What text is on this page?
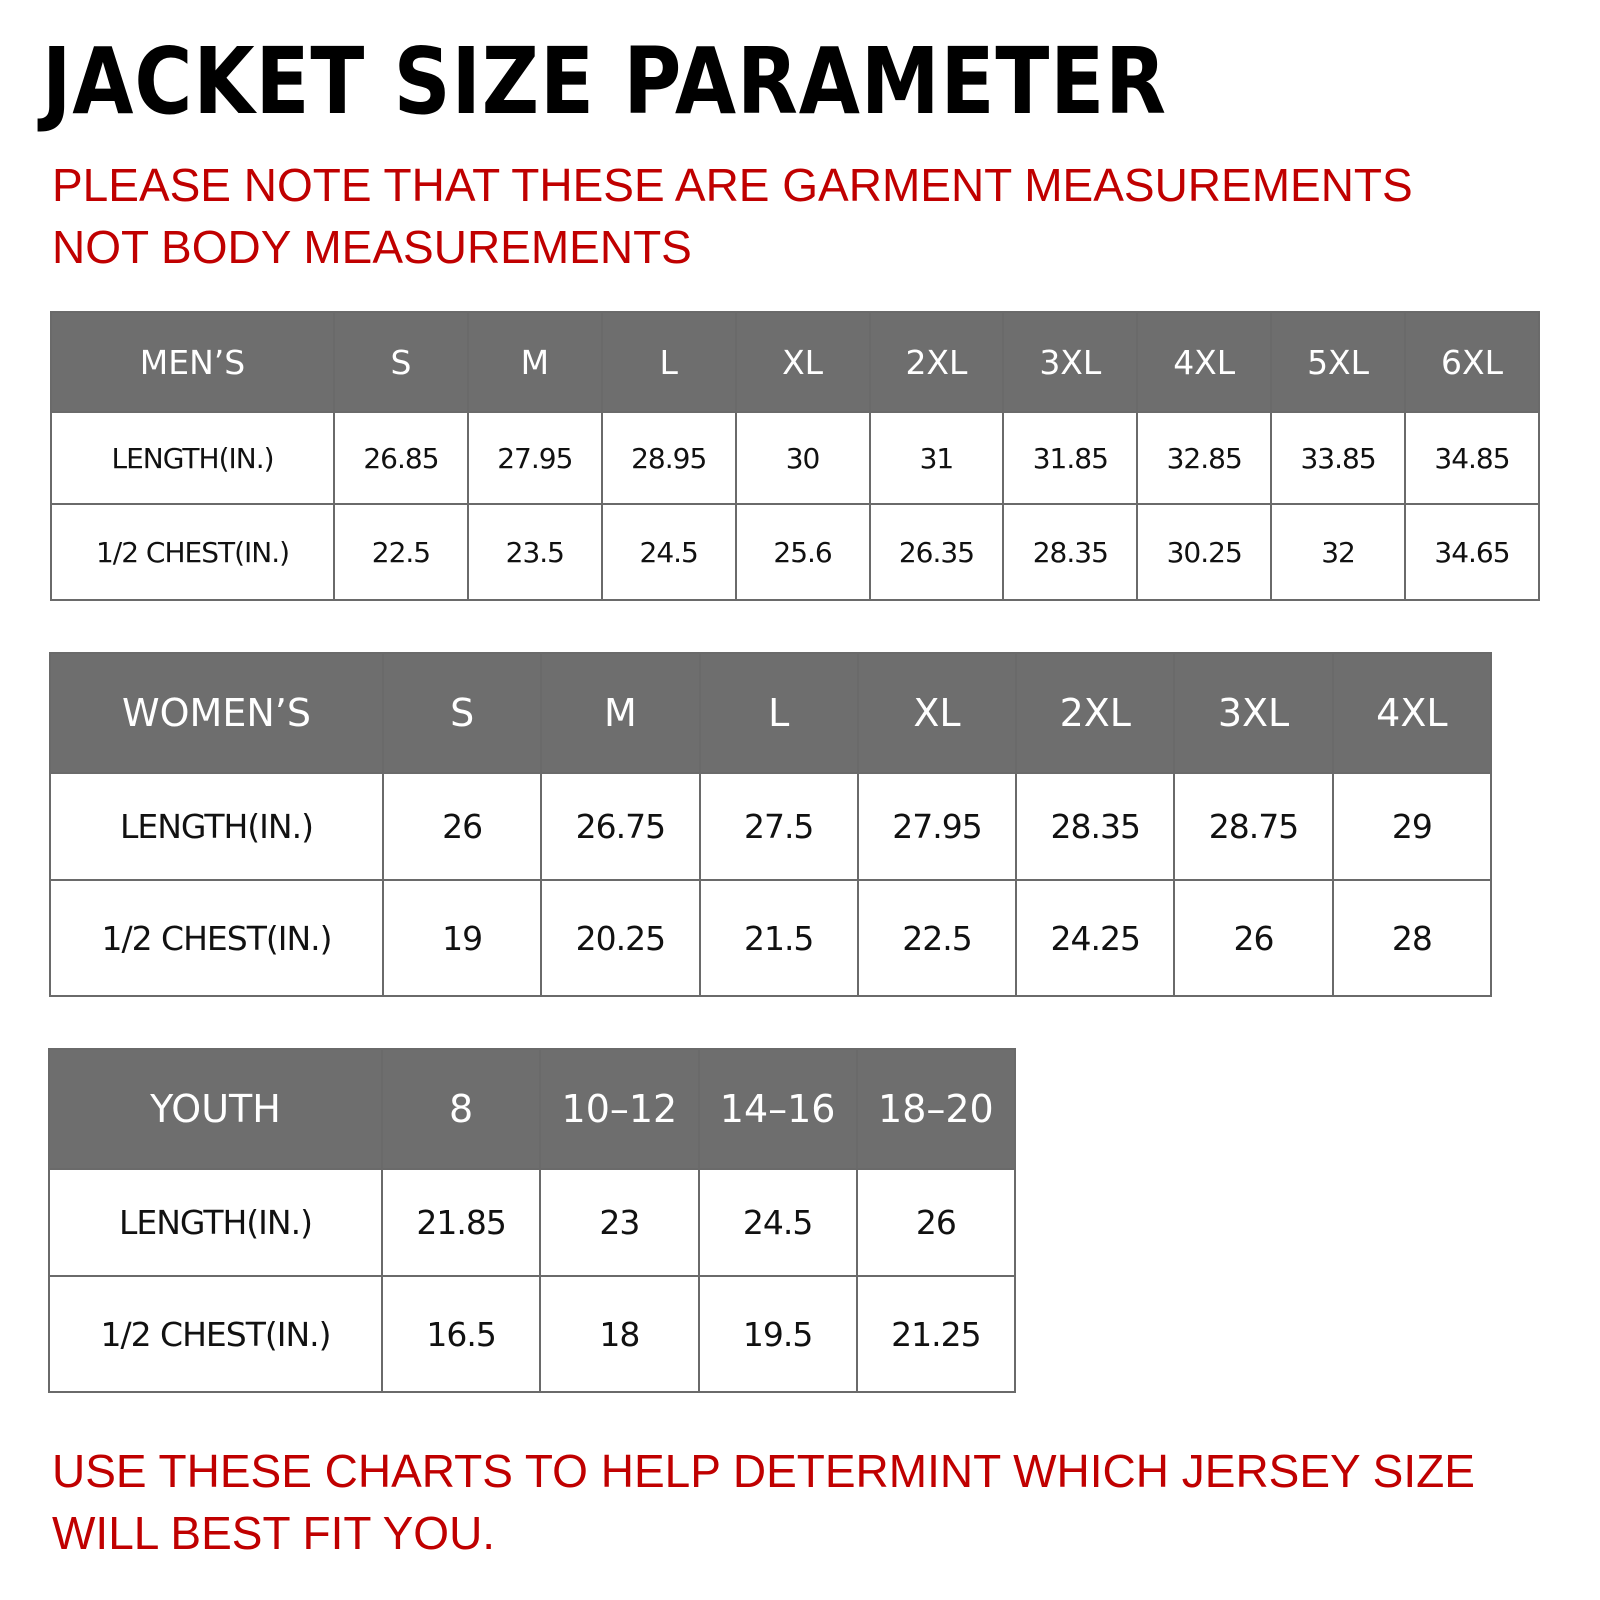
JACKET SIZE PARAMETER
PLEASE NOTE THAT THESE ARE GARMENT MEASUREMENTS
NOT BODY MEASUREMENTS
MEN’S	S	M	L	XL	2XL	3XL	4XL	5XL	6XL
LENGTH(IN.)	26.85	27.95	28.95	30	31	31.85	32.85	33.85	34.85
1/2 CHEST(IN.)	22.5	23.5	24.5	25.6	26.35	28.35	30.25	32	34.65
WOMEN’S	S	M	L	XL	2XL	3XL	4XL
LENGTH(IN.)	26	26.75	27.5	27.95	28.35	28.75	29
1/2 CHEST(IN.)	19	20.25	21.5	22.5	24.25	26	28
YOUTH	8	10–12	14–16	18–20
LENGTH(IN.)	21.85	23	24.5	26
1/2 CHEST(IN.)	16.5	18	19.5	21.25
USE THESE CHARTS TO HELP DETERMINT WHICH JERSEY SIZE
WILL BEST FIT YOU.
